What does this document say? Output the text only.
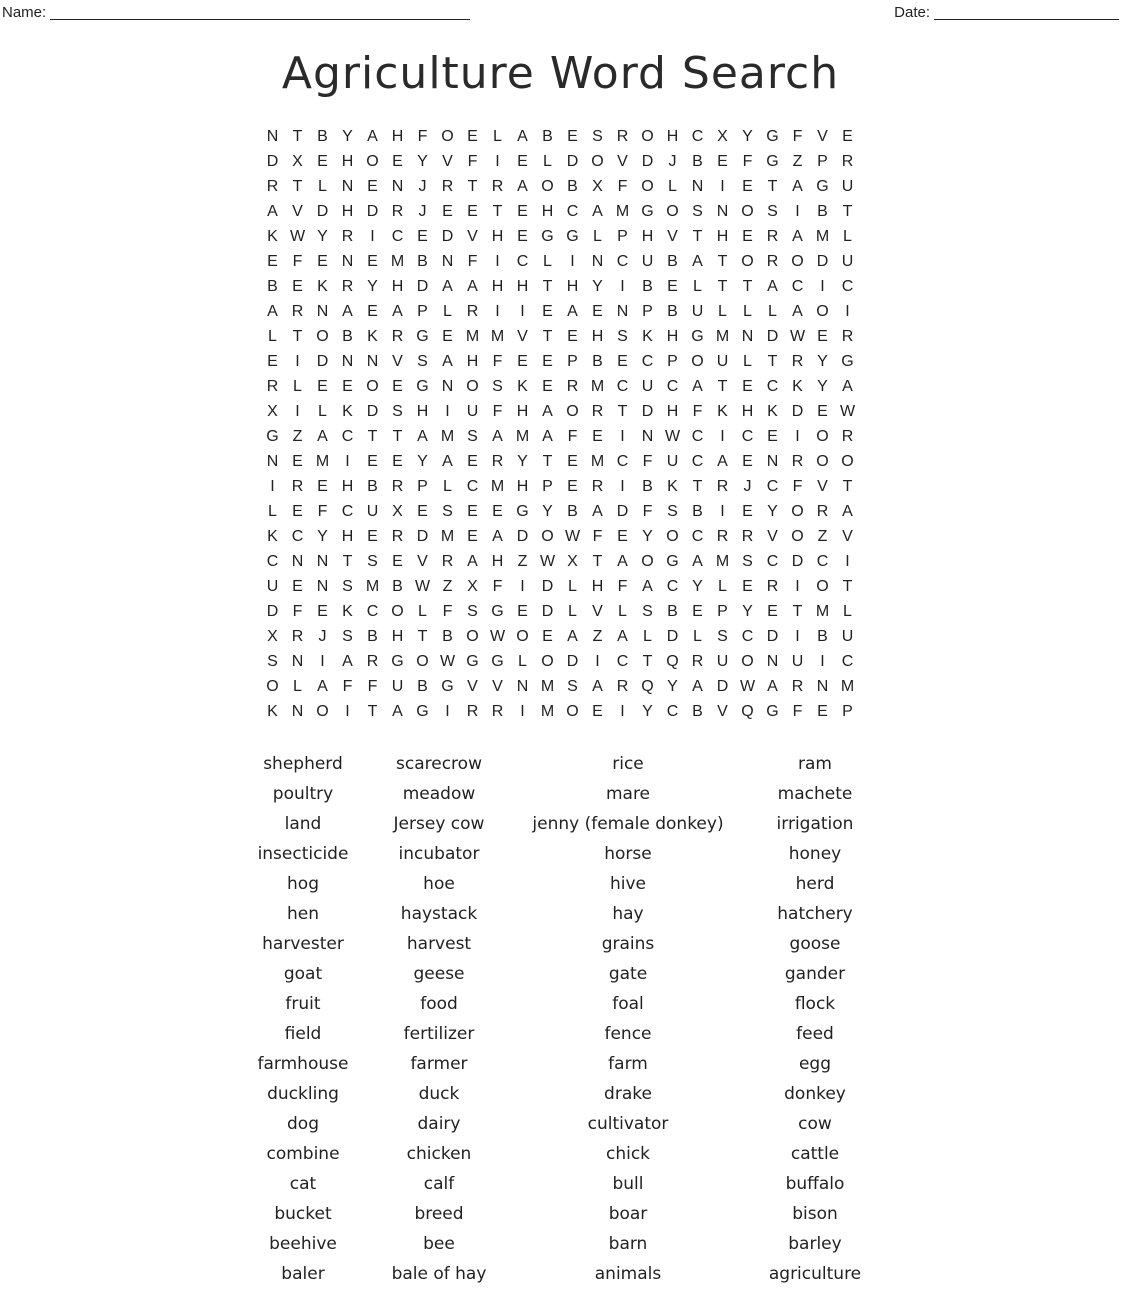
Name:	Date:
Agriculture Word Search
N T B Y A H F O E L A B E S R O H C X Y G F V E
D X E H O E Y V F	I	E L D O V D J B E F G Z P R
R T L N E N J R T R A O B X F O L N	I	E T A G U
A V D H D R J E E T E H C A M G O S N O S	I	B T
K W Y R	I	C E D V H E G G L P H V T H E R A M L
E F E N E M B N F	I	C L	I	N C U B A T O R O D U
B E K R Y H D A A H H T H Y	I	B E L T T A C	I	C
A R N A E A P L R	I	I	E A E N P B U L	L	L A O	I
L T O B K R G E M M V T E H S K H G M N D W E R
E	I	D N N V S A H F E E P B E C P O U L T R Y G
R L E E O E G N O S K E R M C U C A T E C K Y A
X	I	L K D S H	I	U F H A O R T D H F K H K D E W
G Z A C T T A M S A M A F E	I	N W C	I	C E	I	O R
N E M	I	E E Y A E R Y T E M C F U C A E N R O O
I	R E H B R P L C M H P E R	I	B K T R J C F V T
L E F C U X E S E E G Y B A D F S B	I	E Y O R A
K C Y H E R D M E A D O W F E Y O C R R V O Z V
C N N T S E V R A H Z W X T A O G A M S C D C	I
U E N S M B W Z X F	I	D L H F A C Y L E R	I	O T
D F E K C O L F S G E D L V L S B E P Y E T M L
X R J S B H T B O W O E A Z A L D L S C D	I	B U
S N	I	A R G O W G G L O D	I	C T Q R U O N U	I	C
O L A F F U B G V V N M S A R Q Y A D W A R N M
K N O	I	T A G	I	R R	I	M O E	I	Y C B V Q G F E P
shepherd	scarecrow	rice	ram
poultry	meadow	mare	machete
land	Jersey cow	jenny (female donkey)	irrigation
insecticide	incubator	horse	honey
hog	hoe	hive	herd
hen	haystack	hay	hatchery
harvester	harvest	grains	goose
goat	geese	gate	gander
fruit	food	foal	flock
field	fertilizer	fence	feed
farmhouse	farmer	farm	egg
duckling	duck	drake	donkey
dog	dairy	cultivator	cow
combine	chicken	chick	cattle
cat	calf	bull	buffalo
bucket	breed	boar	bison
beehive	bee	barn	barley
baler	bale of hay	animals	agriculture
